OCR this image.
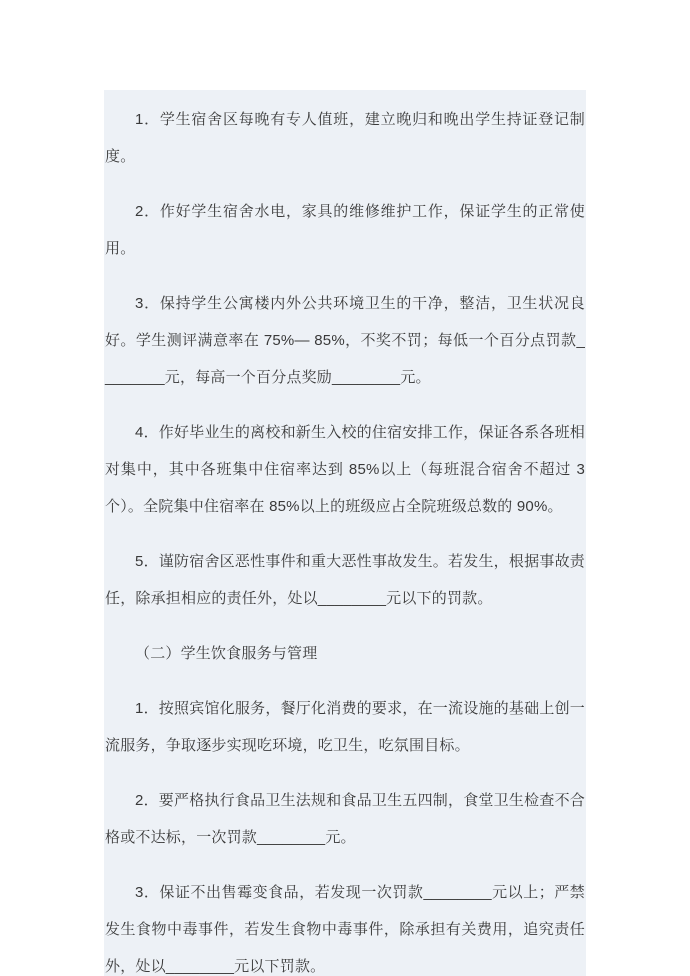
1．学生宿舍区每晚有专人值班，建立晚归和晚出学生持证登记制度。

2．作好学生宿舍水电，家具的维修维护工作，保证学生的正常使用。

3．保持学生公寓楼内外公共环境卫生的干净，整洁，卫生状况良好。学生测评满意率在 75%— 85%，不奖不罚；每低一个百分点罚款________元，每高一个百分点奖励________元。

4．作好毕业生的离校和新生入校的住宿安排工作，保证各系各班相对集中，其中各班集中住宿率达到 85%以上（每班混合宿舍不超过 3 个）。全院集中住宿率在 85%以上的班级应占全院班级总数的 90%。

5．谨防宿舍区恶性事件和重大恶性事故发生。若发生，根据事故责任，除承担相应的责任外，处以________元以下的罚款。

（二）学生饮食服务与管理

1．按照宾馆化服务，餐厅化消费的要求，在一流设施的基础上创一流服务，争取逐步实现吃环境，吃卫生，吃氛围目标。

2．要严格执行食品卫生法规和食品卫生五四制，食堂卫生检查不合格或不达标，一次罚款________元。

3．保证不出售霉变食品，若发现一次罚款________元以上；严禁发生食物中毒事件，若发生食物中毒事件，除承担有关费用，追究责任外，处以________元以下罚款。
